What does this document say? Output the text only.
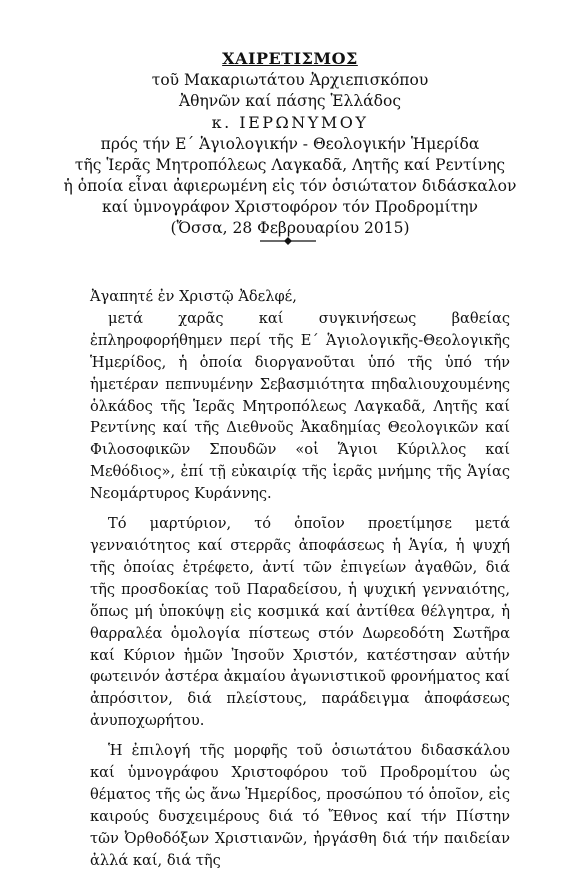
ΧΑΙΡΕΤΙΣΜΟΣ
τοῦ Μακαριωτάτου Ἀρχιεπισκόπου
Ἀθηνῶν καί πάσης Ἑλλάδος
κ. ΙΕΡΩΝΥΜΟΥ
πρός τήν Ε΄ Ἁγιολογικήν - Θεολογικήν Ἡμερίδα
τῆς Ἱερᾶς Μητροπόλεως Λαγκαδᾶ, Λητῆς καί Ρεντίνης
ἡ ὁποία εἶναι ἀφιερωμένη εἰς τόν ὁσιώτατον διδάσκαλον
καί ὑμνογράφον Χριστοφόρον τόν Προδρομίτην
(Ὄσσα, 28 Φεβρουαρίου 2015)
Ἀγαπητέ ἐν Χριστῷ Ἀδελφέ,
μετά χαρᾶς καί συγκινήσεως βαθείας ἐπληροφορήθημεν περί τῆς Ε΄ Ἁγιολογικῆς-Θεολογικῆς Ἡμερίδος, ἡ ὁποία διοργανοῦται ὑπό τῆς ὑπό τήν ἡμετέραν πεπνυμένην Σεβασμιότητα πηδαλιουχουμένης ὁλκάδος τῆς Ἱερᾶς Μητροπόλεως Λαγκαδᾶ, Λητῆς καί Ρεντίνης καί τῆς Διεθνοῦς Ἀκαδημίας Θεολογικῶν καί Φιλοσοφικῶν Σπουδῶν «οἱ Ἅγιοι Κύριλλος καί Μεθόδιος», ἐπί τῇ εὐκαιρίᾳ τῆς ἱερᾶς μνήμης τῆς Ἁγίας Νεομάρτυρος Κυράννης.
Τό μαρτύριον, τό ὁποῖον προετίμησε μετά γενναιότητος καί στερρᾶς ἀποφάσεως ἡ Ἁγία, ἡ ψυχή τῆς ὁποίας ἐτρέφετο, ἀντί τῶν ἐπιγείων ἀγαθῶν, διά τῆς προσδοκίας τοῦ Παραδείσου, ἡ ψυχική γενναιότης, ὅπως μή ὑποκύψῃ εἰς κοσμικά καί ἀντίθεα θέλγητρα, ἡ θαρραλέα ὁμολογία πίστεως στόν Δωρεοδότη Σωτῆρα καί Κύριον ἡμῶν Ἰησοῦν Χριστόν, κατέστησαν αὐτήν φωτεινόν ἀστέρα ἀκμαίου ἀγωνιστικοῦ φρονήματος καί ἀπρόσιτον, διά πλείστους, παράδειγμα ἀποφάσεως ἀνυποχωρήτου.
Ἡ ἐπιλογή τῆς μορφῆς τοῦ ὁσιωτάτου διδασκάλου καί ὑμνογράφου Χριστοφόρου τοῦ Προδρομίτου ὡς θέματος τῆς ὡς ἄνω Ἡμερίδος, προσώπου τό ὁποῖον, εἰς καιρούς δυσχειμέρους διά τό Ἔθνος καί τήν Πίστην τῶν Ὀρθοδόξων Χριστιανῶν, ἠργάσθη διά τήν παιδείαν ἀλλά καί, διά τῆς
